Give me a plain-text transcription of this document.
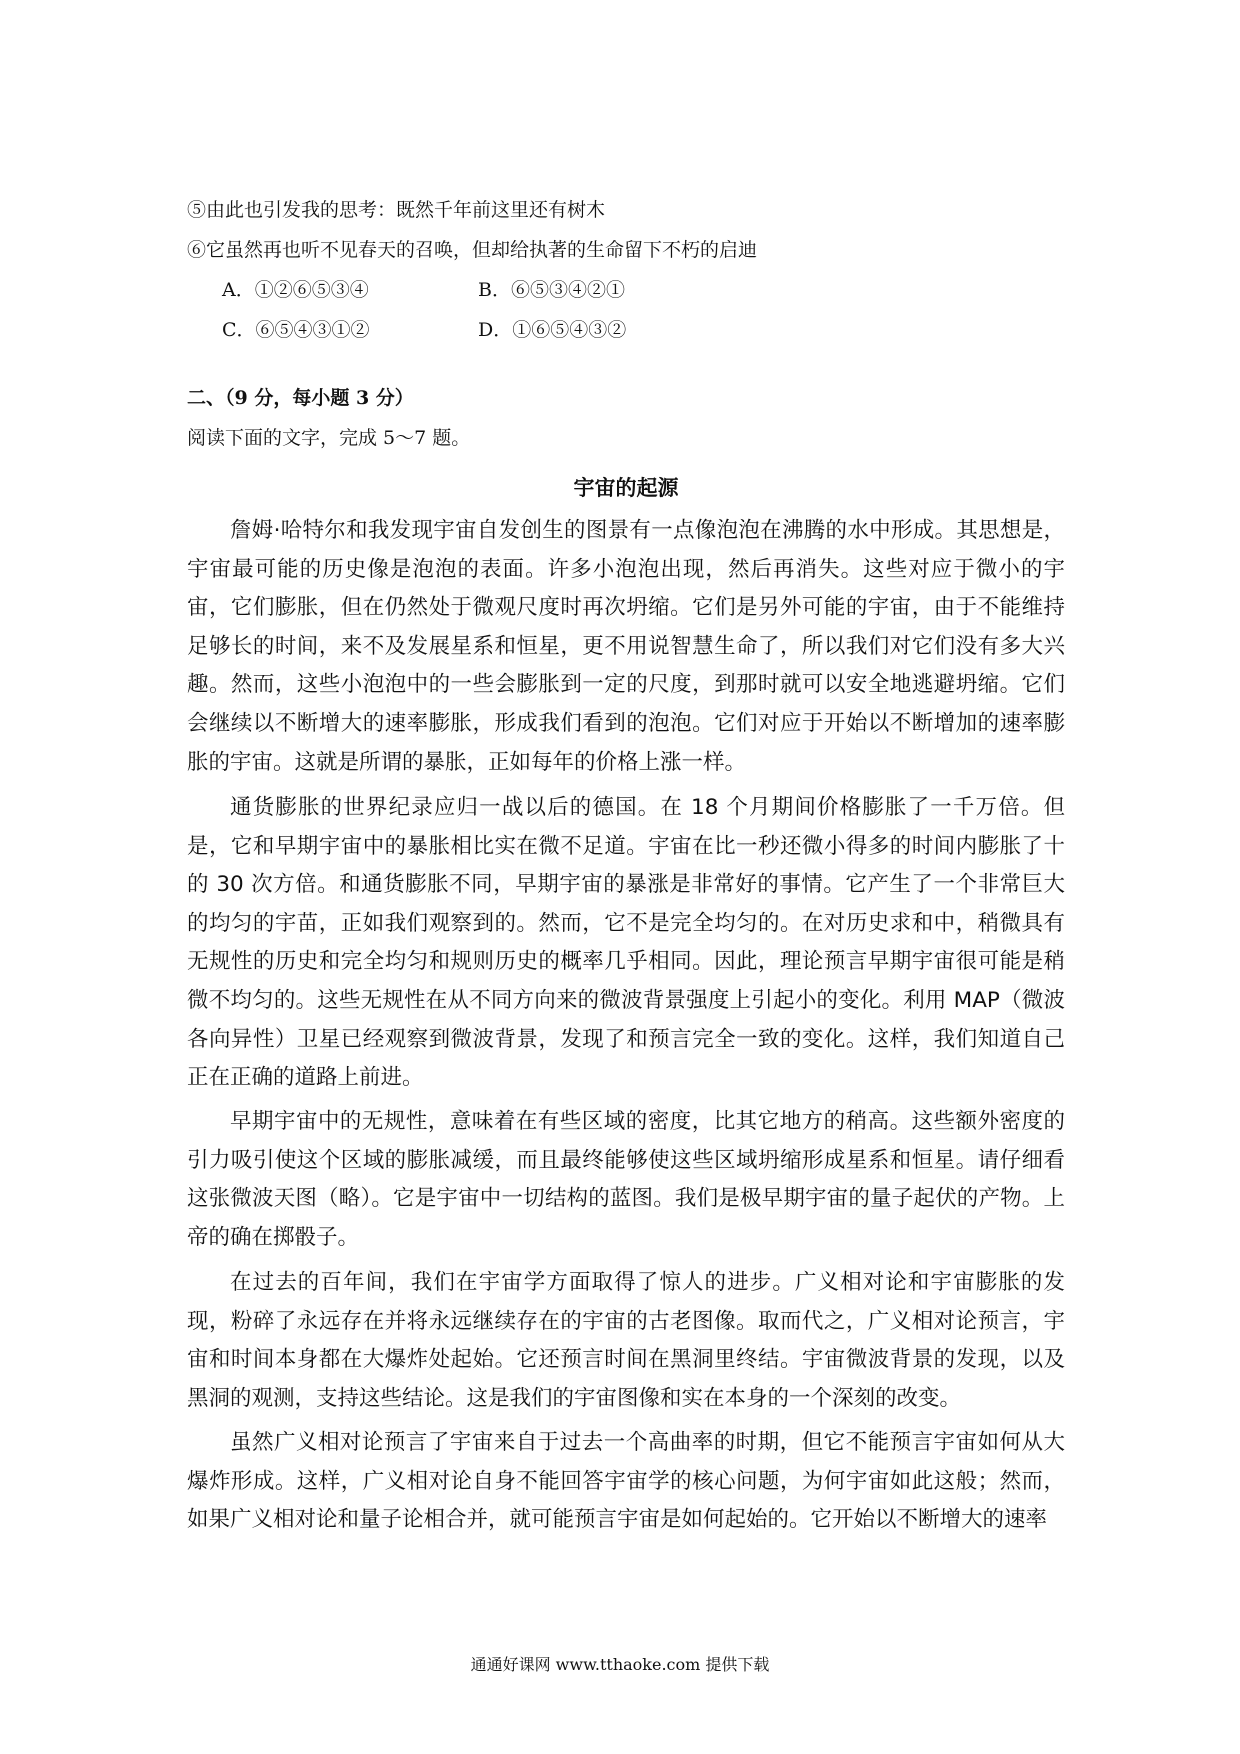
⑤由此也引发我的思考：既然千年前这里还有树木
⑥它虽然再也听不见春天的召唤，但却给执著的生命留下不朽的启迪
A．①②⑥⑤③④	B．⑥⑤③④②①
C．⑥⑤④③①②	D．①⑥⑤④③②
二、（9 分，每小题 3 分）
阅读下面的文字，完成 5～7 题。
宇宙的起源

詹姆·哈特尔和我发现宇宙自发创生的图景有一点像泡泡在沸腾的水中形成。其思想是，宇宙最可能的历史像是泡泡的表面。许多小泡泡出现，然后再消失。这些对应于微小的宇宙，它们膨胀，但在仍然处于微观尺度时再次坍缩。它们是另外可能的宇宙，由于不能维持足够长的时间，来不及发展星系和恒星，更不用说智慧生命了，所以我们对它们没有多大兴趣。然而，这些小泡泡中的一些会膨胀到一定的尺度，到那时就可以安全地逃避坍缩。它们会继续以不断增大的速率膨胀，形成我们看到的泡泡。它们对应于开始以不断增加的速率膨胀的宇宙。这就是所谓的暴胀，正如每年的价格上涨一样。

通货膨胀的世界纪录应归一战以后的德国。在 18 个月期间价格膨胀了一千万倍。但是，它和早期宇宙中的暴胀相比实在微不足道。宇宙在比一秒还微小得多的时间内膨胀了十的 30 次方倍。和通货膨胀不同，早期宇宙的暴涨是非常好的事情。它产生了一个非常巨大的均匀的宇苗，正如我们观察到的。然而，它不是完全均匀的。在对历史求和中，稍微具有无规性的历史和完全均匀和规则历史的概率几乎相同。因此，理论预言早期宇宙很可能是稍微不均匀的。这些无规性在从不同方向来的微波背景强度上引起小的变化。利用 MAP（微波各向异性）卫星已经观察到微波背景，发现了和预言完全一致的变化。这样，我们知道自己正在正确的道路上前进。

早期宇宙中的无规性，意味着在有些区域的密度，比其它地方的稍高。这些额外密度的引力吸引使这个区域的膨胀减缓，而且最终能够使这些区域坍缩形成星系和恒星。请仔细看这张微波天图（略）。它是宇宙中一切结构的蓝图。我们是极早期宇宙的量子起伏的产物。上帝的确在掷骰子。

在过去的百年间，我们在宇宙学方面取得了惊人的进步。广义相对论和宇宙膨胀的发现，粉碎了永远存在并将永远继续存在的宇宙的古老图像。取而代之，广义相对论预言，宇宙和时间本身都在大爆炸处起始。它还预言时间在黑洞里终结。宇宙微波背景的发现，以及黑洞的观测，支持这些结论。这是我们的宇宙图像和实在本身的一个深刻的改变。

虽然广义相对论预言了宇宙来自于过去一个高曲率的时期，但它不能预言宇宙如何从大爆炸形成。这样，广义相对论自身不能回答宇宙学的核心问题，为何宇宙如此这般；然而，如果广义相对论和量子论相合并，就可能预言宇宙是如何起始的。它开始以不断增大的速率

通通好课网 www.tthaoke.com 提供下载
